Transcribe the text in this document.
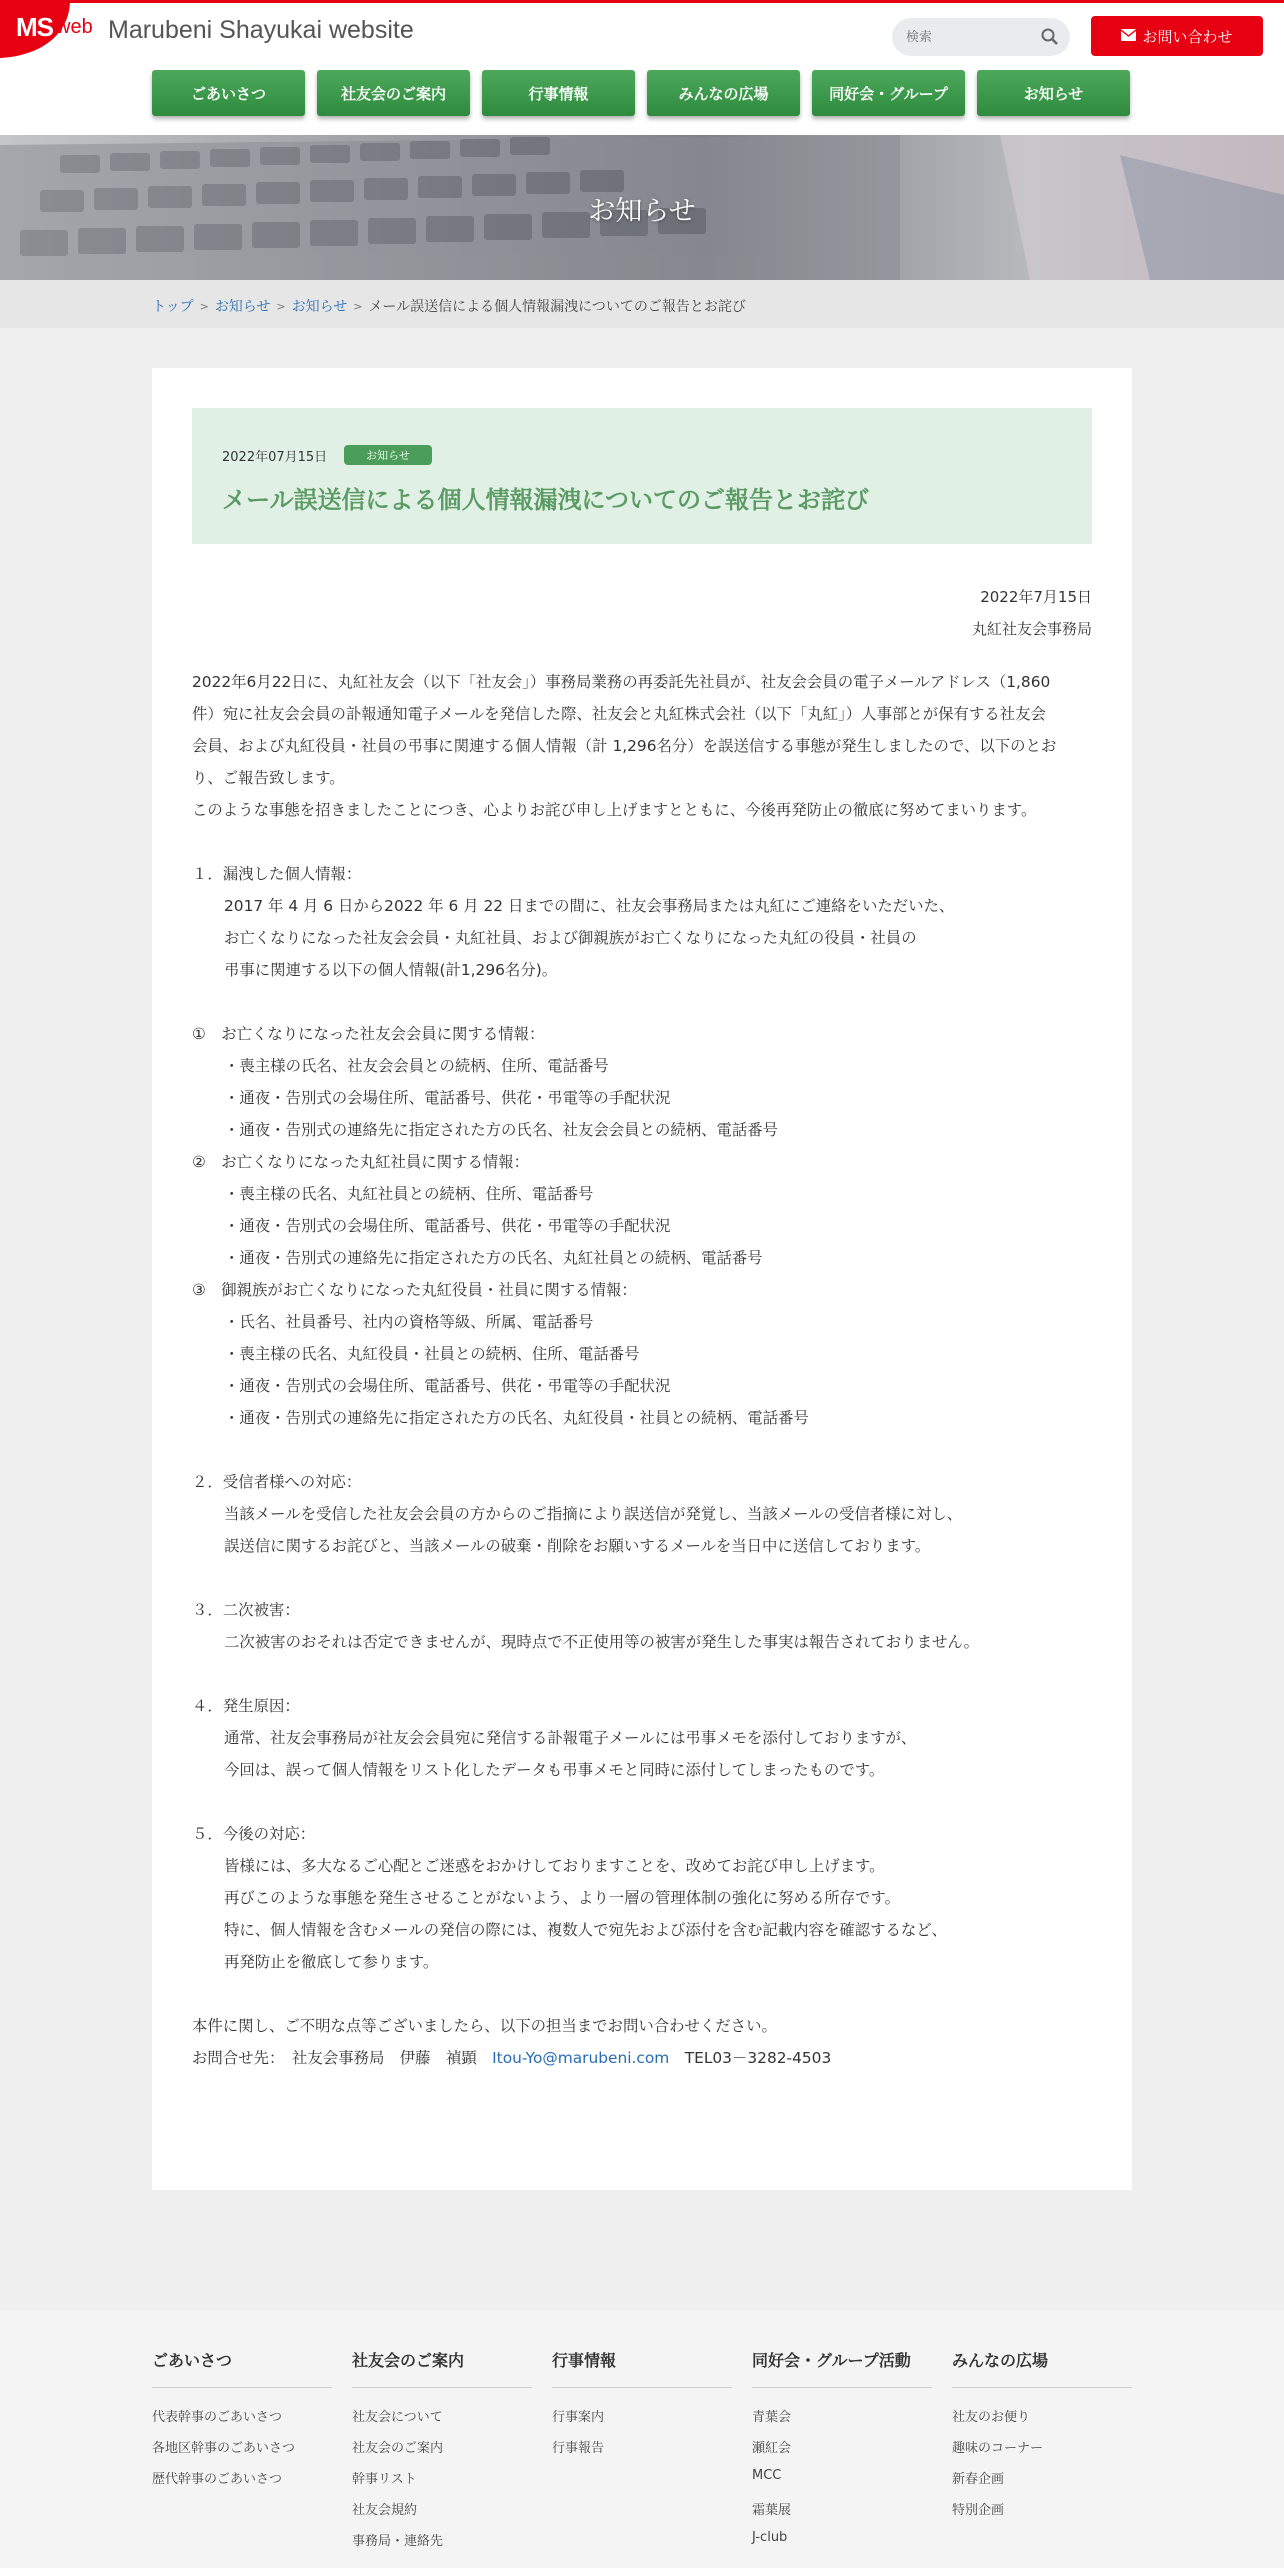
MS web Marubeni Shayukai website
検索	お問い合わせ
ごあいさつ	社友会のご案内	行事情報	みんなの広場	同好会・グループ	お知らせ
お知らせ
トップ > お知らせ > お知らせ > メール誤送信による個人情報漏洩についてのご報告とお詫び
2022年07月15日	お知らせ
メール誤送信による個人情報漏洩についてのご報告とお詫び
2022年7月15日
丸紅社友会事務局
2022年6月22日に、丸紅社友会（以下「社友会」）事務局業務の再委託先社員が、社友会会員の電子メールアドレス（1,860
件）宛に社友会会員の訃報通知電子メールを発信した際、社友会と丸紅株式会社（以下「丸紅」）人事部とが保有する社友会
会員、および丸紅役員・社員の弔事に関連する個人情報（計 1,296名分）を誤送信する事態が発生しましたので、以下のとお
り、ご報告致します。
このような事態を招きましたことにつき、心よりお詫び申し上げますとともに、今後再発防止の徹底に努めてまいります。
１．漏洩した個人情報：
2017 年 4 月 6 日から2022 年 6 月 22 日までの間に、社友会事務局または丸紅にご連絡をいただいた、
お亡くなりになった社友会会員・丸紅社員、および御親族がお亡くなりになった丸紅の役員・社員の
弔事に関連する以下の個人情報(計1,296名分)。
①　お亡くなりになった社友会会員に関する情報：
・喪主様の氏名、社友会会員との続柄、住所、電話番号
・通夜・告別式の会場住所、電話番号、供花・弔電等の手配状況
・通夜・告別式の連絡先に指定された方の氏名、社友会会員との続柄、電話番号
②　お亡くなりになった丸紅社員に関する情報：
・喪主様の氏名、丸紅社員との続柄、住所、電話番号
・通夜・告別式の会場住所、電話番号、供花・弔電等の手配状況
・通夜・告別式の連絡先に指定された方の氏名、丸紅社員との続柄、電話番号
③　御親族がお亡くなりになった丸紅役員・社員に関する情報：
・氏名、社員番号、社内の資格等級、所属、電話番号
・喪主様の氏名、丸紅役員・社員との続柄、住所、電話番号
・通夜・告別式の会場住所、電話番号、供花・弔電等の手配状況
・通夜・告別式の連絡先に指定された方の氏名、丸紅役員・社員との続柄、電話番号
２．受信者様への対応：
当該メールを受信した社友会会員の方からのご指摘により誤送信が発覚し、当該メールの受信者様に対し、
誤送信に関するお詫びと、当該メールの破棄・削除をお願いするメールを当日中に送信しております。
３．二次被害：
二次被害のおそれは否定できませんが、現時点で不正使用等の被害が発生した事実は報告されておりません。
４．発生原因：
通常、社友会事務局が社友会会員宛に発信する訃報電子メールには弔事メモを添付しておりますが、
今回は、誤って個人情報をリスト化したデータも弔事メモと同時に添付してしまったものです。
５．今後の対応：
皆様には、多大なるご心配とご迷惑をおかけしておりますことを、改めてお詫び申し上げます。
再びこのような事態を発生させることがないよう、より一層の管理体制の強化に努める所存です。
特に、個人情報を含むメールの発信の際には、複数人で宛先および添付を含む記載内容を確認するなど、
再発防止を徹底して参ります。
本件に関し、ご不明な点等ございましたら、以下の担当までお問い合わせください。
お問合せ先：　社友会事務局　伊藤　禎顕　Itou-Yo@marubeni.com　TEL03－3282-4503
ごあいさつ
代表幹事のごあいさつ
各地区幹事のごあいさつ
歴代幹事のごあいさつ
社友会のご案内
社友会について
社友会のご案内
幹事リスト
社友会規約
事務局・連絡先
行事情報
行事案内
行事報告
同好会・グループ活動
青葉会
瀬紅会
MCC
霜葉展
J-club
みんなの広場
社友のお便り
趣味のコーナー
新春企画
特別企画
